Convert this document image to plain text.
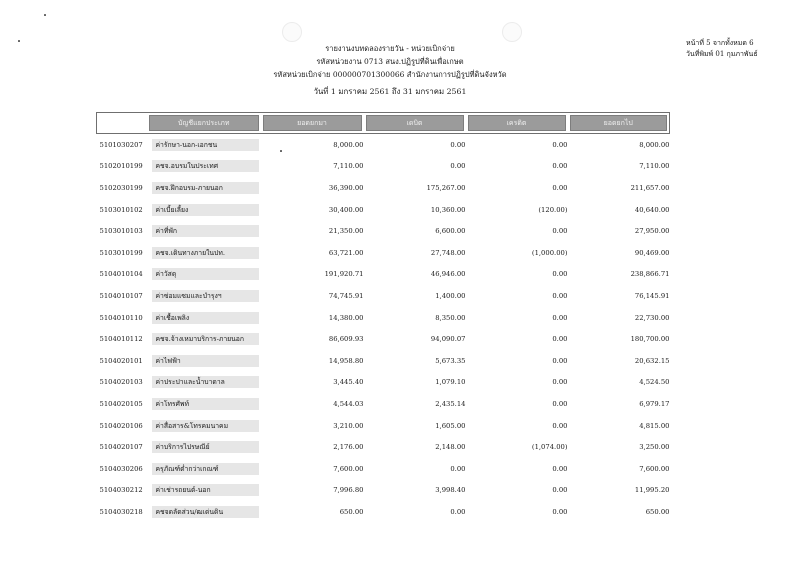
รายงานงบทดลองรายวัน - หน่วยเบิกจ่าย
รหัสหน่วยงาน 0713 สนง.ปฏิรูปที่ดินเพื่อเกษต
รหัสหน่วยเบิกจ่าย 000000701300066 สำนักงานการปฏิรูปที่ดินจังหวัด
วันที่ 1 มกราคม 2561 ถึง 31 มกราคม 2561
หน้าที่ 5 จากทั้งหมด 6
วันที่พิมพ์ 01 กุมภาพันธ์
บัญชีแยกประเภท	ยอดยกมา	เดบิต	เครดิต	ยอดยกไป

5101030207 ค่ารักษา-นอก-เอกชน	8,000.00	0.00	0.00	8,000.00

5102010199 คชจ.อบรมในประเทศ	7,110.00	0.00	0.00	7,110.00

5102030199 คชจ.ฝึกอบรม-ภายนอก	36,390.00	175,267.00	0.00	211,657.00

5103010102 ค่าเบี้ยเลี้ยง	30,400.00	10,360.00	(120.00)	40,640.00

5103010103 ค่าที่พัก	21,350.00	6,600.00	0.00	27,950.00

5103010199 คชจ.เดินทางภายในปท.	63,721.00	27,748.00	(1,000.00)	90,469.00

5104010104 ค่าวัสดุ	191,920.71	46,946.00	0.00	238,866.71

5104010107 ค่าซ่อมแซมและบำรุงฯ	74,745.91	1,400.00	0.00	76,145.91

5104010110 ค่าเชื้อเพลิง	14,380.00	8,350.00	0.00	22,730.00

5104010112 คชจ.จ้างเหมาบริการ-ภายนอก	86,609.93	94,090.07	0.00	180,700.00

5104020101 ค่าไฟฟ้า	14,958.80	5,673.35	0.00	20,632.15

5104020103 ค่าประปาและน้ำบาดาล	3,445.40	1,079.10	0.00	4,524.50

5104020105 ค่าโทรศัพท์	4,544.03	2,435.14	0.00	6,979.17

5104020106 ค่าสื่อสาร&โทรคมนาคม	3,210.00	1,605.00	0.00	4,815.00

5104020107 ค่าบริการไปรษณีย์	2,176.00	2,148.00	(1,074.00)	3,250.00

5104030206 ครุภัณฑ์ต่ำกว่าเกณฑ์	7,600.00	0.00	0.00	7,600.00

5104030212 ค่าเช่ารถยนต์-นอก	7,996.80	3,998.40	0.00	11,995.20

5104030218 คชจดลัดส่วน/ฒเด่นดิน	650.00	0.00	0.00	650.00
